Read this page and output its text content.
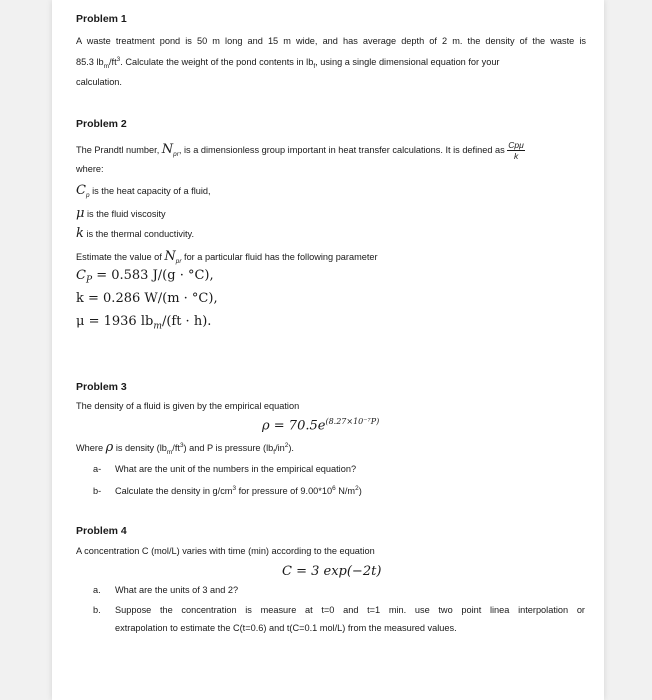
Problem 1
A waste treatment pond is 50 m long and 15 m wide, and has average depth of 2 m. the density of the waste is
85.3 $lb_m/ft^3$. Calculate the weight of the pond contents in $lb_f$, using a single dimensional equation for your
calculation.
Problem 2
The Prandtl number, $N_{pr}$, is a dimensionless group important in heat transfer calculations. It is defined as $\frac{\text{Cpμ}}{k}$
where:
$C_p$ is the heat capacity of a fluid,
μ is the fluid viscosity
k is the thermal conductivity.
Estimate the value of $N_{pr}$ for a particular fluid has the following parameter
$C_P = 0.583$ J/(g · °C),
k = 0.286 W/(m · °C),
μ = 1936 $lb_m/(ft \cdot h)$.
Problem 3
The density of a fluid is given by the empirical equation
$\rho = 70.5e^{(8.27\times 10^{-7}P)}$
Where ρ is density $(lb_m/ft^3)$ and P is pressure $(lb_f/in^2)$.
a- What are the unit of the numbers in the empirical equation?
b- Calculate the density in $g/cm^3$ for pressure of $9.00*10^6$ $N/m^2$)
Problem 4
A concentration C (mol/L) varies with time (min) according to the equation
C = 3 exp(−2t)
a. What are the units of 3 and 2?
b. Suppose the concentration is measure at t=0 and t=1 min. use two point linea interpolation or
extrapolation to estimate the C(t=0.6) and t(C=0.1 mol/L) from the measured values.
